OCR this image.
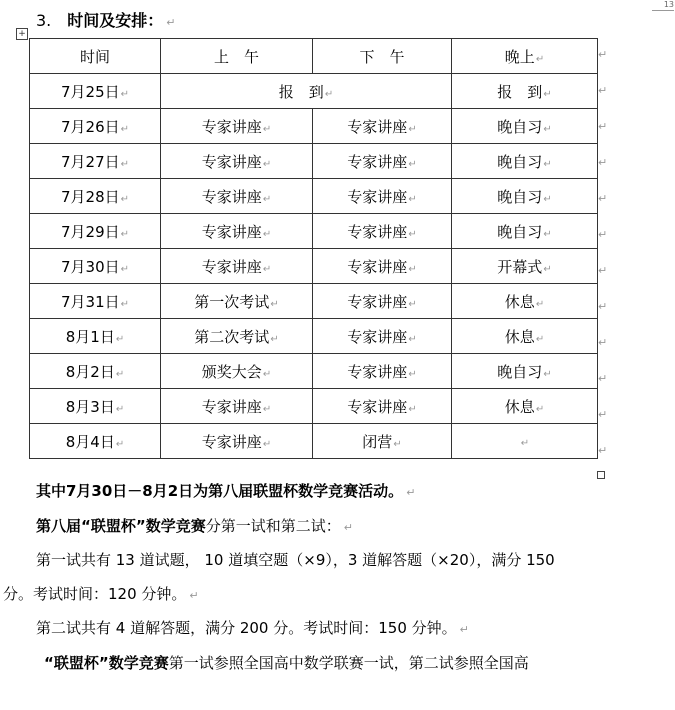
13
3. 时间及安排： ↵
+
时间	上　午	下　午	晚上↵
7月25日↵	报　到↵		报　到↵
7月26日↵	专家讲座↵	专家讲座↵	晚自习↵
7月27日↵	专家讲座↵	专家讲座↵	晚自习↵
7月28日↵	专家讲座↵	专家讲座↵	晚自习↵
7月29日↵	专家讲座↵	专家讲座↵	晚自习↵
7月30日↵	专家讲座↵	专家讲座↵	开幕式↵
7月31日↵	第一次考试↵	专家讲座↵	休息↵
8月1日↵	第二次考试↵	专家讲座↵	休息↵
8月2日↵	颁奖大会↵	专家讲座↵	晚自习↵
8月3日↵	专家讲座↵	专家讲座↵	休息↵
8月4日↵	专家讲座↵	闭营↵	↵
其中7月30日－8月2日为第八届联盟杯数学竞赛活动。 ↵
第八届“联盟杯”数学竞赛分第一试和第二试： ↵
第一试共有 13 道试题， 10 道填空题（×9），3 道解答题（×20），满分 150
分。考试时间：120 分钟。 ↵
第二试共有 4 道解答题，满分 200 分。考试时间：150 分钟。 ↵
“联盟杯”数学竞赛第一试参照全国高中数学联赛一试，第二试参照全国高
↵
↵
↵
↵
↵
↵
↵
↵
↵
↵
↵
↵
